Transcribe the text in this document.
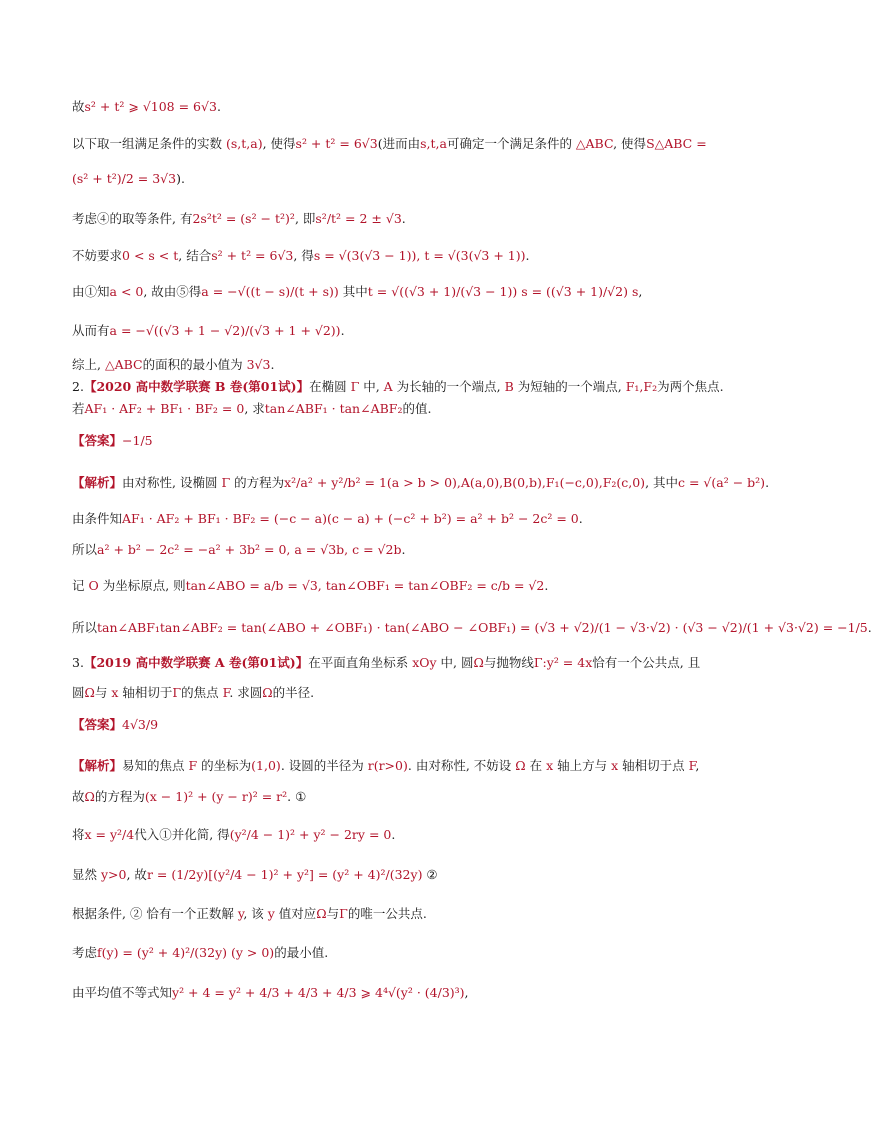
故s² + t² ⩾ √108 = 6√3.
以下取一组满足条件的实数 (s,t,a), 使得s² + t² = 6√3(进而由s,t,a可确定一个满足条件的 △ABC, 使得S△ABC =
(s² + t²)/2 = 3√3).
考虑④的取等条件, 有2s²t² = (s² − t²)², 即s²/t² = 2 ± √3.
不妨要求0 < s < t, 结合s² + t² = 6√3, 得s = √(3(√3 − 1)), t = √(3(√3 + 1)).
由①知a < 0, 故由⑤得a = −√((t − s)/(t + s)) 其中t = √((√3 + 1)/(√3 − 1)) s = ((√3 + 1)/√2) s,
从而有a = −√((√3 + 1 − √2)/(√3 + 1 + √2)).
综上, △ABC的面积的最小值为 3√3.
2.【2020 高中数学联赛 B 卷(第01试)】在椭圆 Γ 中, A 为长轴的一个端点, B 为短轴的一个端点, F₁,F₂为两个焦点.
若AF₁ · AF₂ + BF₁ · BF₂ = 0, 求tan∠ABF₁ · tan∠ABF₂的值.
【答案】−1/5
【解析】由对称性, 设椭圆 Γ 的方程为x²/a² + y²/b² = 1(a > b > 0),A(a,0),B(0,b),F₁(−c,0),F₂(c,0), 其中c = √(a² − b²).
由条件知AF₁ · AF₂ + BF₁ · BF₂ = (−c − a)(c − a) + (−c² + b²) = a² + b² − 2c² = 0.
所以a² + b² − 2c² = −a² + 3b² = 0, a = √3b, c = √2b.
记 O 为坐标原点, 则tan∠ABO = a/b = √3, tan∠OBF₁ = tan∠OBF₂ = c/b = √2.
所以tan∠ABF₁tan∠ABF₂ = tan(∠ABO + ∠OBF₁) · tan(∠ABO − ∠OBF₁) = (√3 + √2)/(1 − √3·√2) · (√3 − √2)/(1 + √3·√2) = −1/5.
3.【2019 高中数学联赛 A 卷(第01试)】在平面直角坐标系 xOy 中, 圆Ω与抛物线Γ:y² = 4x恰有一个公共点, 且
圆Ω与 x 轴相切于Γ的焦点 F. 求圆Ω的半径.
【答案】4√3/9
【解析】易知的焦点 F 的坐标为(1,0). 设圆的半径为 r(r>0). 由对称性, 不妨设 Ω 在 x 轴上方与 x 轴相切于点 F,
故Ω的方程为(x − 1)² + (y − r)² = r². ①
将x = y²/4代入①并化简, 得(y²/4 − 1)² + y² − 2ry = 0.
显然 y>0, 故r = (1/2y)[(y²/4 − 1)² + y²] = (y² + 4)²/(32y) ②
根据条件, ② 恰有一个正数解 y, 该 y 值对应Ω与Γ的唯一公共点.
考虑f(y) = (y² + 4)²/(32y) (y > 0)的最小值.
由平均值不等式知y² + 4 = y² + 4/3 + 4/3 + 4/3 ⩾ 4⁴√(y² · (4/3)³),
